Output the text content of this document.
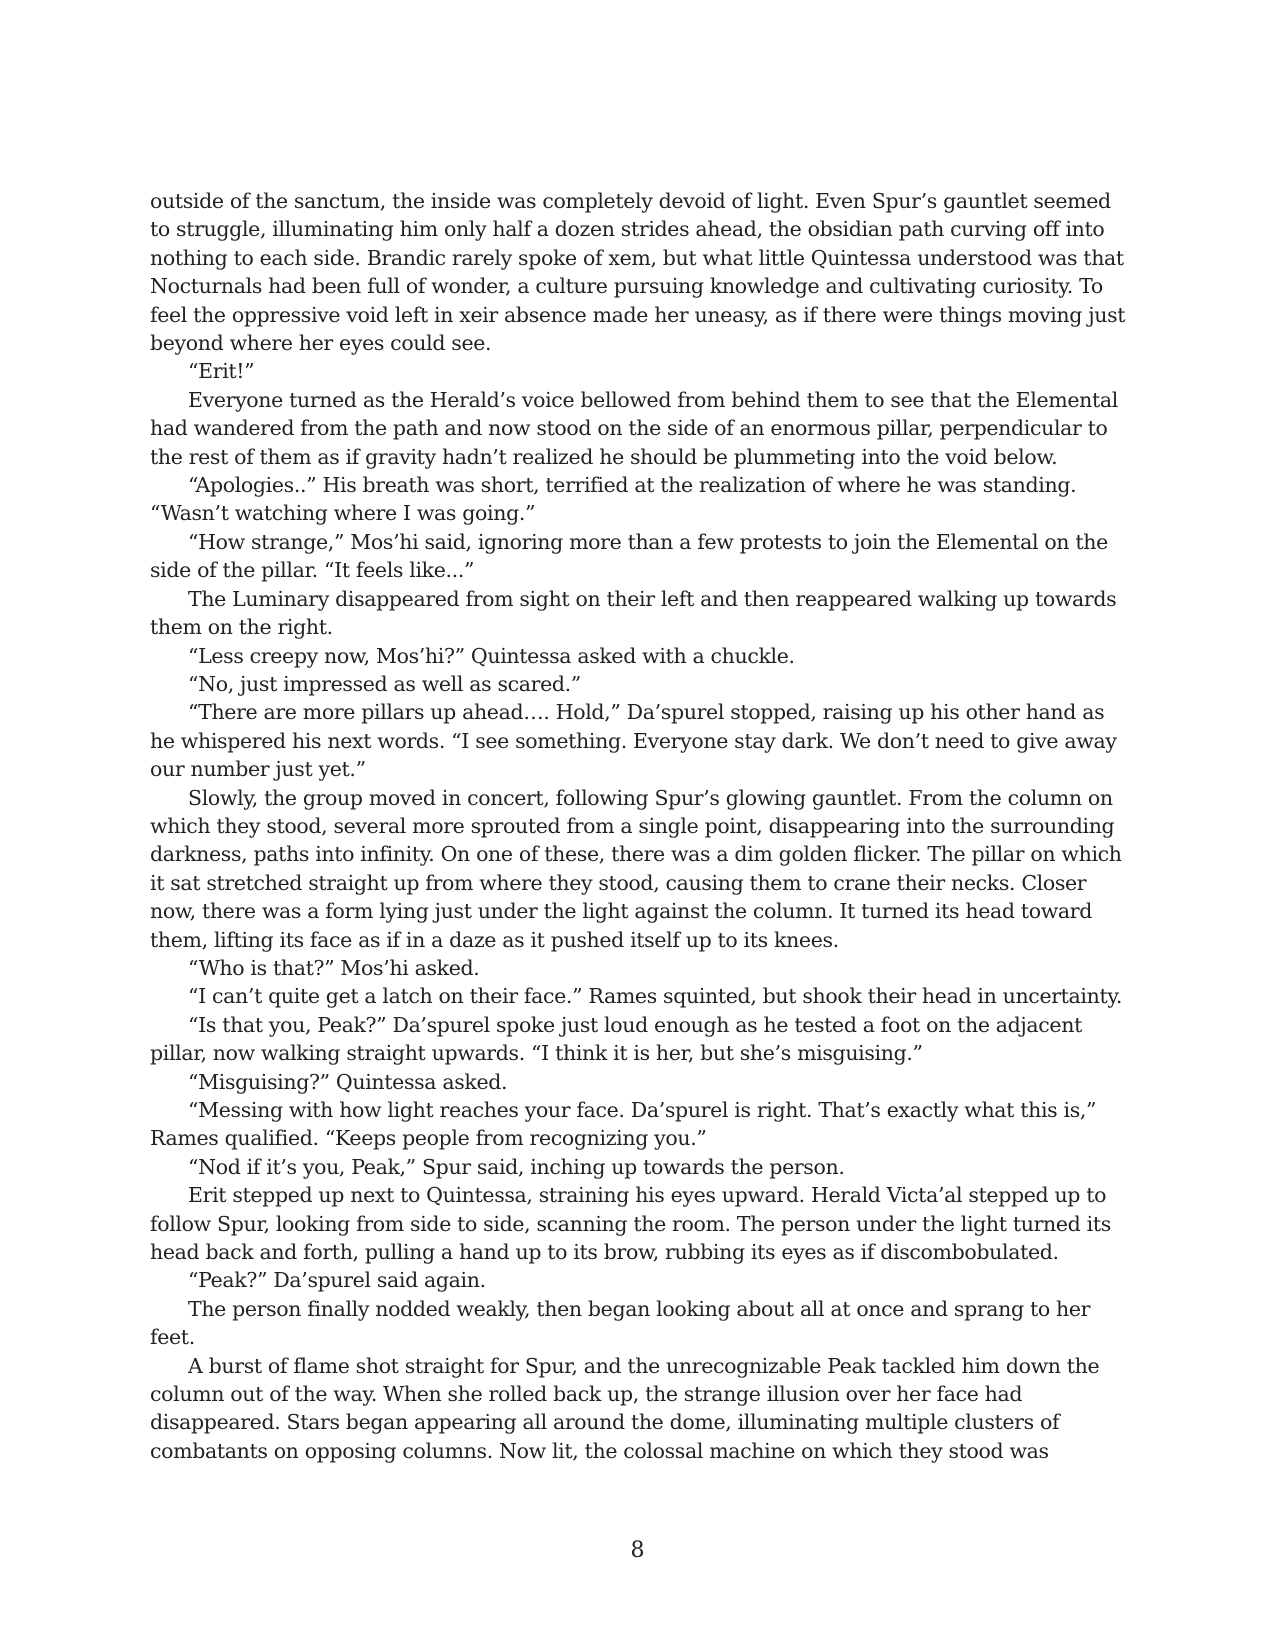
outside of the sanctum, the inside was completely devoid of light. Even Spur’s gauntlet seemed to struggle, illuminating him only half a dozen strides ahead, the obsidian path curving off into nothing to each side. Brandic rarely spoke of xem, but what little Quintessa understood was that Nocturnals had been full of wonder, a culture pursuing knowledge and cultivating curiosity. To feel the oppressive void left in xeir absence made her uneasy, as if there were things moving just beyond where her eyes could see.

“Erit!”

Everyone turned as the Herald’s voice bellowed from behind them to see that the Elemental had wandered from the path and now stood on the side of an enormous pillar, perpendicular to the rest of them as if gravity hadn’t realized he should be plummeting into the void below.

“Apologies..” His breath was short, terrified at the realization of where he was standing. “Wasn’t watching where I was going.”

“How strange,” Mos’hi said, ignoring more than a few protests to join the Elemental on the side of the pillar. “It feels like...”

The Luminary disappeared from sight on their left and then reappeared walking up towards them on the right.

“Less creepy now, Mos’hi?” Quintessa asked with a chuckle.

“No, just impressed as well as scared.”

“There are more pillars up ahead…. Hold,” Da’spurel stopped, raising up his other hand as he whispered his next words. “I see something. Everyone stay dark. We don’t need to give away our number just yet.”

Slowly, the group moved in concert, following Spur’s glowing gauntlet. From the column on which they stood, several more sprouted from a single point, disappearing into the surrounding darkness, paths into infinity. On one of these, there was a dim golden flicker. The pillar on which it sat stretched straight up from where they stood, causing them to crane their necks. Closer now, there was a form lying just under the light against the column. It turned its head toward them, lifting its face as if in a daze as it pushed itself up to its knees.

“Who is that?” Mos’hi asked.

“I can’t quite get a latch on their face.” Rames squinted, but shook their head in uncertainty.

“Is that you, Peak?” Da’spurel spoke just loud enough as he tested a foot on the adjacent pillar, now walking straight upwards. “I think it is her, but she’s misguising.”

“Misguising?” Quintessa asked.

“Messing with how light reaches your face. Da’spurel is right. That’s exactly what this is,” Rames qualified. “Keeps people from recognizing you.”

“Nod if it’s you, Peak,” Spur said, inching up towards the person.

Erit stepped up next to Quintessa, straining his eyes upward. Herald Victa’al stepped up to follow Spur, looking from side to side, scanning the room. The person under the light turned its head back and forth, pulling a hand up to its brow, rubbing its eyes as if discombobulated.

“Peak?” Da’spurel said again.

The person finally nodded weakly, then began looking about all at once and sprang to her feet.

A burst of flame shot straight for Spur, and the unrecognizable Peak tackled him down the column out of the way. When she rolled back up, the strange illusion over her face had disappeared. Stars began appearing all around the dome, illuminating multiple clusters of combatants on opposing columns. Now lit, the colossal machine on which they stood was

8
